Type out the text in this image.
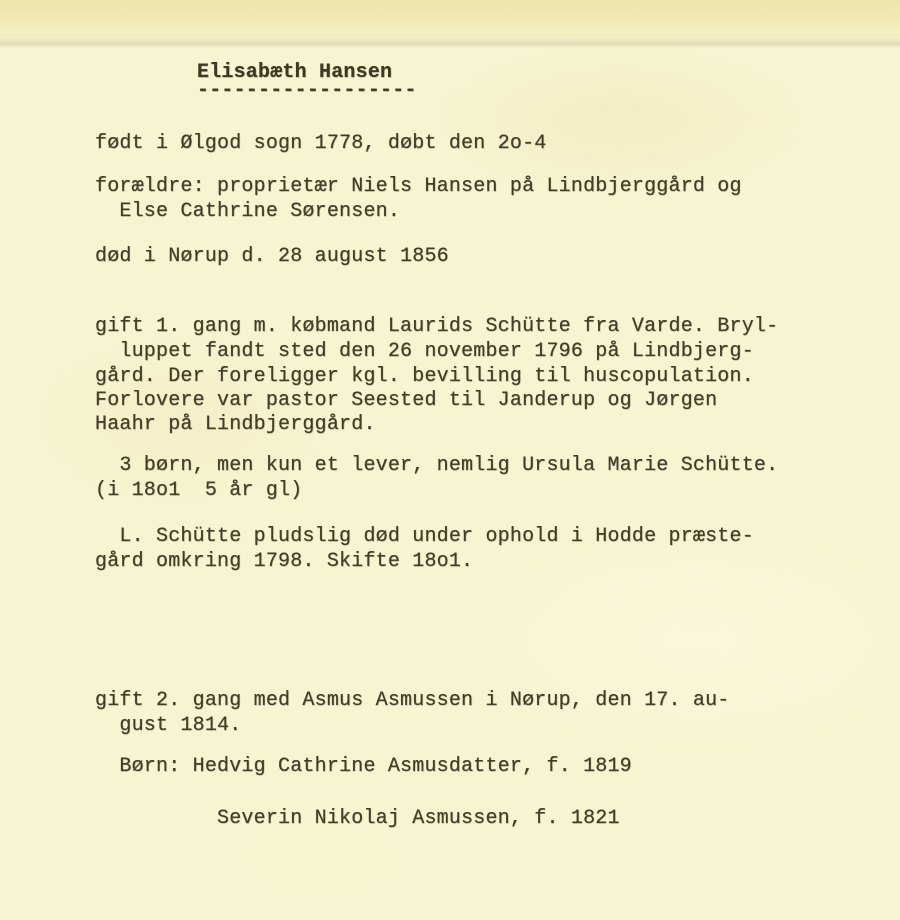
Elisabæth Hansen
------------------
født i Ølgod sogn 1778, døbt den 2o-4
forældre: proprietær Niels Hansen på Lindbjerggård og
Else Cathrine Sørensen.
død i Nørup d. 28 august 1856
gift 1. gang m. købmand Laurids Schütte fra Varde. Bryl-
luppet fandt sted den 26 november 1796 på Lindbjerg-
gård. Der foreligger kgl. bevilling til huscopulation.
Forlovere var pastor Seested til Janderup og Jørgen
Haahr på Lindbjerggård.
3 børn, men kun et lever, nemlig Ursula Marie Schütte.
(i 18o1  5 år gl)
L. Schütte pludslig død under ophold i Hodde præste-
gård omkring 1798. Skifte 18o1.
gift 2. gang med Asmus Asmussen i Nørup, den 17. au-
gust 1814.
Børn: Hedvig Cathrine Asmusdatter, f. 1819
Severin Nikolaj Asmussen, f. 1821
